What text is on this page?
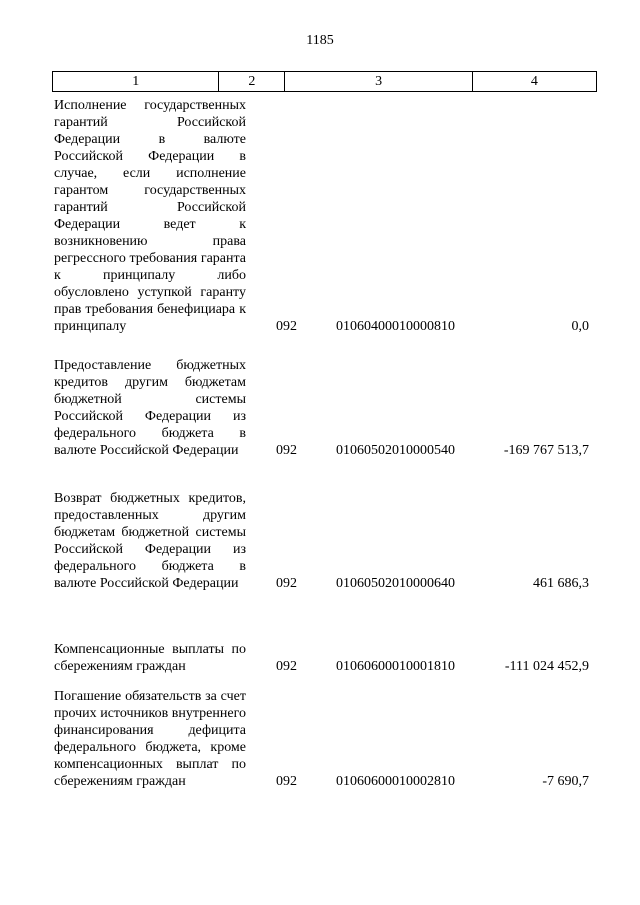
1185
1	2	3	4
Исполнение государственных гарантий Российской Федерации в валюте Российской Федерации в случае, если исполнение гарантом государственных гарантий Российской Федерации ведет к возникновению права регрессного требования гаранта к принципалу либо обусловлено уступкой гаранту прав требования бенефициара к принципалу	092	01060400010000810	0,0
Предоставление бюджетных кредитов другим бюджетам бюджетной системы Российской Федерации из федерального бюджета в валюте Российской Федерации	092	01060502010000540	-169 767 513,7
Возврат бюджетных кредитов, предоставленных другим бюджетам бюджетной системы Российской Федерации из федерального бюджета в валюте Российской Федерации	092	01060502010000640	461 686,3
Компенсационные выплаты по сбережениям граждан	092	01060600010001810	-111 024 452,9
Погашение обязательств за счет прочих источников внутреннего финансирования дефицита федерального бюджета, кроме компенсационных выплат по сбережениям граждан	092	01060600010002810	-7 690,7
